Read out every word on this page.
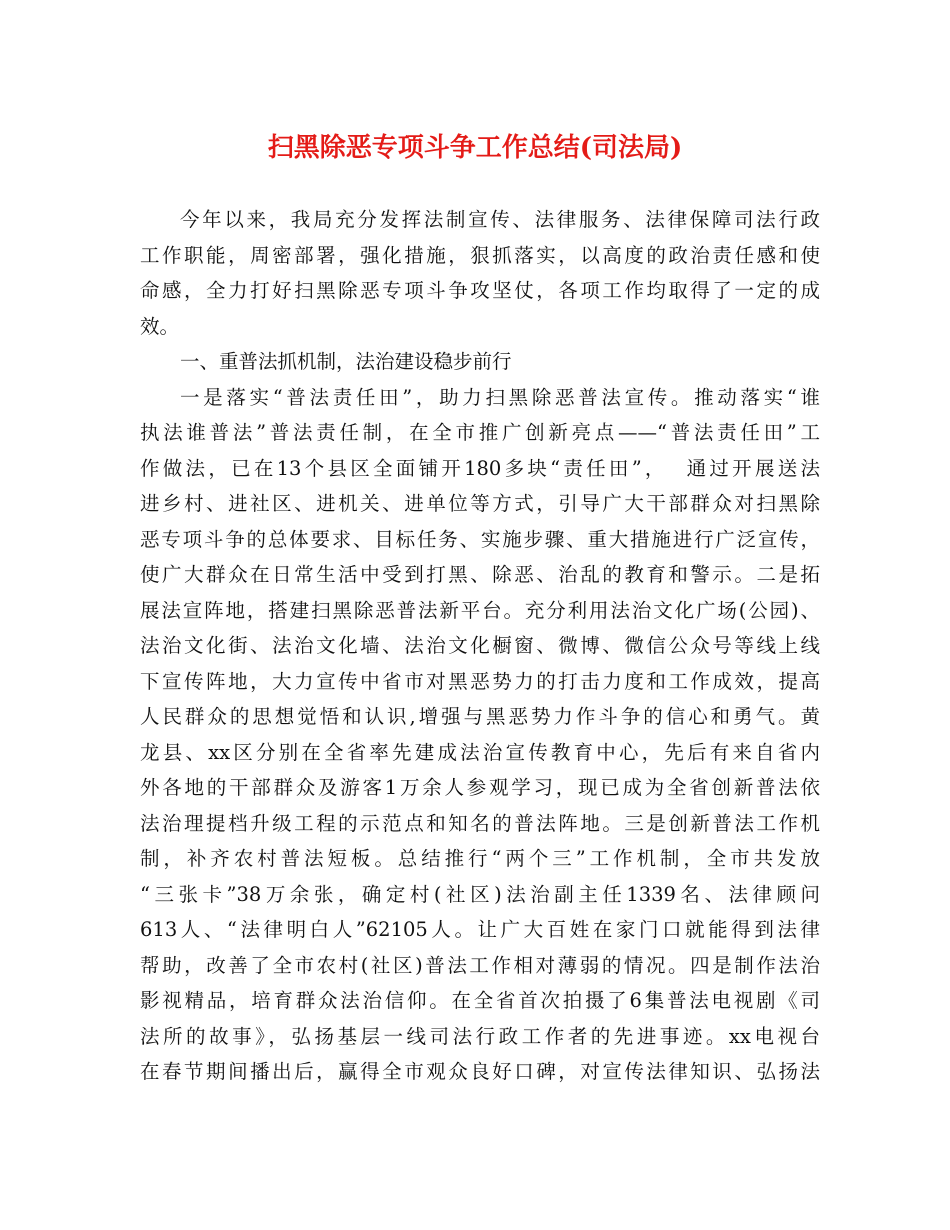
扫黑除恶专项斗争工作总结(司法局)
今年以来，我局充分发挥法制宣传、法律服务、法律保障司法行政
工作职能，周密部署，强化措施，狠抓落实，以高度的政治责任感和使
命感，全力打好扫黑除恶专项斗争攻坚仗，各项工作均取得了一定的成
效。
一、重普法抓机制，法治建设稳步前行
一是落实“普法责任田”，助力扫黑除恶普法宣传。推动落实“谁
执法谁普法”普法责任制，在全市推广创新亮点——“普法责任田”工
作做法，已在13个县区全面铺开180多块“责任田”，  通过开展送法
进乡村、进社区、进机关、进单位等方式，引导广大干部群众对扫黑除
恶专项斗争的总体要求、目标任务、实施步骤、重大措施进行广泛宣传，
使广大群众在日常生活中受到打黑、除恶、治乱的教育和警示。二是拓
展法宣阵地，搭建扫黑除恶普法新平台。充分利用法治文化广场(公园)、
法治文化街、法治文化墙、法治文化橱窗、微博、微信公众号等线上线
下宣传阵地，大力宣传中省市对黑恶势力的打击力度和工作成效，提高
人民群众的思想觉悟和认识,增强与黑恶势力作斗争的信心和勇气。黄
龙县、xx区分别在全省率先建成法治宣传教育中心，先后有来自省内
外各地的干部群众及游客1万余人参观学习，现已成为全省创新普法依
法治理提档升级工程的示范点和知名的普法阵地。三是创新普法工作机
制，补齐农村普法短板。总结推行“两个三”工作机制，全市共发放
“三张卡”38万余张，确定村(社区)法治副主任1339名、法律顾问
613人、“法律明白人”62105人。让广大百姓在家门口就能得到法律
帮助，改善了全市农村(社区)普法工作相对薄弱的情况。四是制作法治
影视精品，培育群众法治信仰。在全省首次拍摄了6集普法电视剧《司
法所的故事》，弘扬基层一线司法行政工作者的先进事迹。xx电视台
在春节期间播出后，赢得全市观众良好口碑，对宣传法律知识、弘扬法
